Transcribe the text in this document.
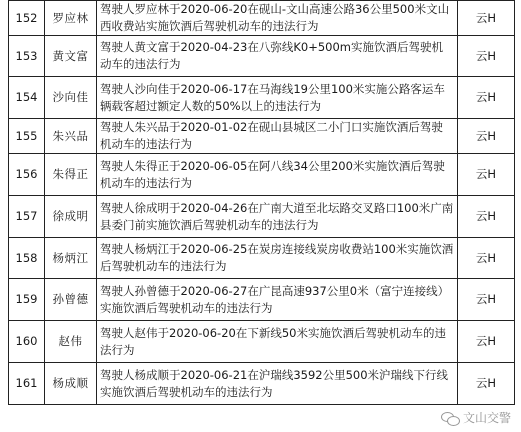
152	罗应林	驾驶人罗应林于2020-06-20在砚山-文山高速公路36公里500米文山西收费站实施饮酒后驾驶机动车的违法行为	云H
153	黄文富	驾驶人黄文富于2020-04-23在八弥线K0+500m实施饮酒后驾驶机动车的违法行为	云H
154	沙向佳	驾驶人沙向佳于2020-06-17在马海线19公里100米实施公路客运车辆载客超过额定人数的50%以上的违法行为	云H
155	朱兴品	驾驶人朱兴品于2020-01-02在砚山县城区二小门口实施饮酒后驾驶机动车的违法行为	云H
156	朱得正	驾驶人朱得正于2020-06-05在阿八线34公里200米实施饮酒后驾驶机动车的违法行为	云H
157	徐成明	驾驶人徐成明于2020-04-26在广南大道至北坛路交叉路口100米广南县委门前实施饮酒后驾驶机动车的违法行为	云H
158	杨炳江	驾驶人杨炳江于2020-06-25在炭房连接线炭房收费站100米实施饮酒后驾驶机动车的违法行为	云H
159	孙曾德	驾驶人孙曾德于2020-06-27在广昆高速937公里0米（富宁连接线）实施饮酒后驾驶机动车的违法行为	云H
160	赵伟	驾驶人赵伟于2020-06-20在下新线50米实施饮酒后驾驶机动车的违法行为	云H
161	杨成顺	驾驶人杨成顺于2020-06-21在沪瑞线3592公里500米沪瑞线下行线实施饮酒后驾驶机动车的违法行为	云H
文山交警
